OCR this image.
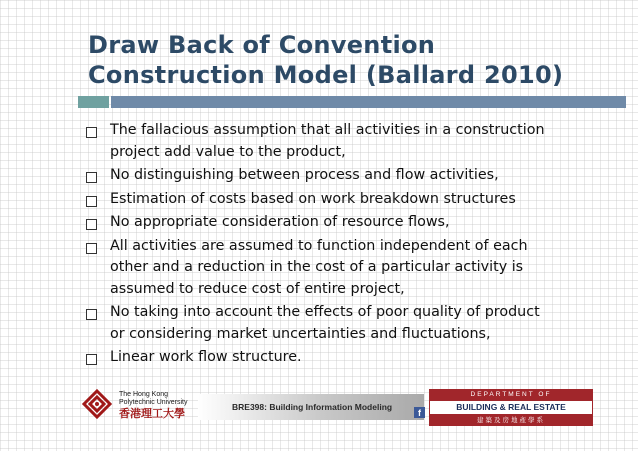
Draw Back of Convention
Construction Model (Ballard 2010)
The fallacious assumption that all activities in a construction
project add value to the product,
No distinguishing between process and flow activities,
Estimation of costs based on work breakdown structures
No appropriate consideration of resource flows,
All activities are assumed to function independent of each
other and a reduction in the cost of a particular activity is
assumed to reduce cost of entire project,
No taking into account the effects of poor quality of product
or considering market uncertainties and fluctuations,
Linear work flow structure.
The Hong Kong
Polytechnic University
香港理工大學	BRE398: Building Information Modeling
f
DEPARTMENT OF
BUILDING & REAL ESTATE
建築及房地產學系
